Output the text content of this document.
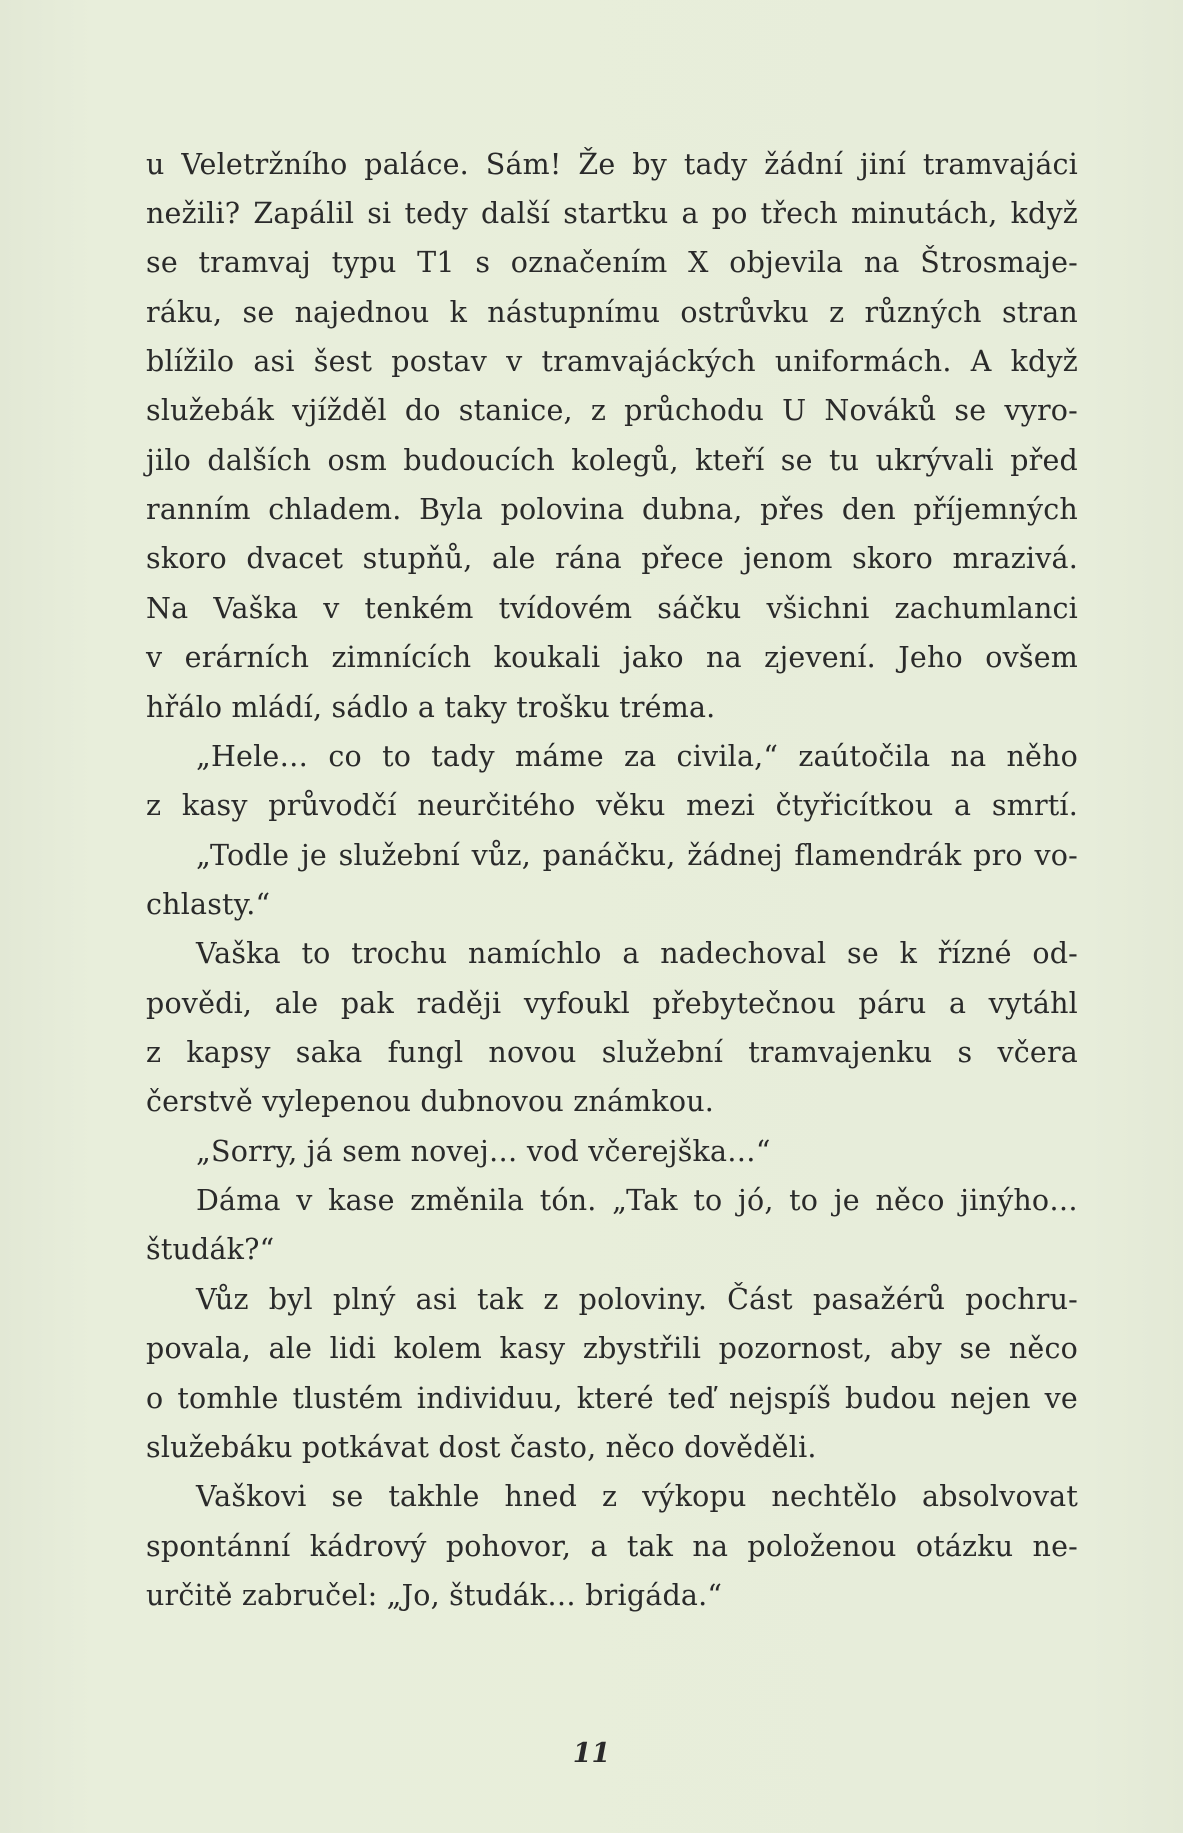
u Veletržního paláce. Sám! Že by tady žádní jiní tramvajáci
nežili? Zapálil si tedy další startku a po třech minutách, když
se tramvaj typu T1 s označením X objevila na Štrosmaje-
ráku, se najednou k nástupnímu ostrůvku z různých stran
blížilo asi šest postav v tramvajáckých uniformách. A když
služebák vjížděl do stanice, z průchodu U Nováků se vyro-
jilo dalších osm budoucích kolegů, kteří se tu ukrývali před
ranním chladem. Byla polovina dubna, přes den příjemných
skoro dvacet stupňů, ale rána přece jenom skoro mrazivá.
Na Vaška v tenkém tvídovém sáčku všichni zachumlanci
v erárních zimnících koukali jako na zjevení. Jeho ovšem
hřálo mládí, sádlo a taky trošku tréma.
„Hele… co to tady máme za civila,“ zaútočila na něho
z kasy průvodčí neurčitého věku mezi čtyřicítkou a smrtí.
„Todle je služební vůz, panáčku, žádnej flamendrák pro vo-
chlasty.“
Vaška to trochu namíchlo a nadechoval se k řízné od-
povědi, ale pak raději vyfoukl přebytečnou páru a vytáhl
z kapsy saka fungl novou služební tramvajenku s včera
čerstvě vylepenou dubnovou známkou.
„Sorry, já sem novej… vod včerejška…“
Dáma v kase změnila tón. „Tak to jó, to je něco jinýho…
študák?“
Vůz byl plný asi tak z poloviny. Část pasažérů pochru-
povala, ale lidi kolem kasy zbystřili pozornost, aby se něco
o tomhle tlustém individuu, které teď nejspíš budou nejen ve
služebáku potkávat dost často, něco dověděli.
Vaškovi se takhle hned z výkopu nechtělo absolvovat
spontánní kádrový pohovor, a tak na položenou otázku ne-
určitě zabručel: „Jo, študák… brigáda.“
11
